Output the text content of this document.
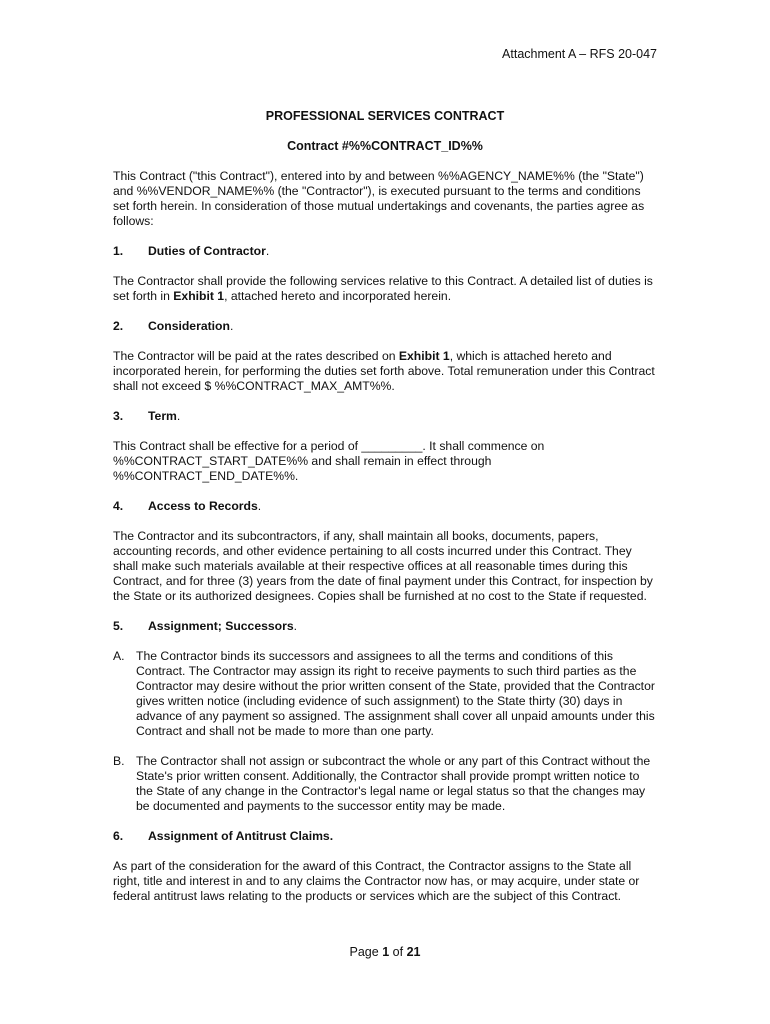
Attachment A – RFS 20-047
PROFESSIONAL SERVICES CONTRACT
Contract #%%CONTRACT_ID%%

This Contract ("this Contract"), entered into by and between %%AGENCY_NAME%% (the "State") and %%VENDOR_NAME%% (the "Contractor"), is executed pursuant to the terms and conditions set forth herein. In consideration of those mutual undertakings and covenants, the parties agree as follows:

1. Duties of Contractor.

The Contractor shall provide the following services relative to this Contract. A detailed list of duties is set forth in Exhibit 1, attached hereto and incorporated herein.

2. Consideration.

The Contractor will be paid at the rates described on Exhibit 1, which is attached hereto and incorporated herein, for performing the duties set forth above. Total remuneration under this Contract shall not exceed $ %%CONTRACT_MAX_AMT%%.

3. Term.

This Contract shall be effective for a period of _________. It shall commence on %%CONTRACT_START_DATE%% and shall remain in effect through %%CONTRACT_END_DATE%%.

4. Access to Records.

The Contractor and its subcontractors, if any, shall maintain all books, documents, papers, accounting records, and other evidence pertaining to all costs incurred under this Contract. They shall make such materials available at their respective offices at all reasonable times during this Contract, and for three (3) years from the date of final payment under this Contract, for inspection by the State or its authorized designees. Copies shall be furnished at no cost to the State if requested.

5. Assignment; Successors.
A. The Contractor binds its successors and assignees to all the terms and conditions of this Contract. The Contractor may assign its right to receive payments to such third parties as the Contractor may desire without the prior written consent of the State, provided that the Contractor gives written notice (including evidence of such assignment) to the State thirty (30) days in advance of any payment so assigned. The assignment shall cover all unpaid amounts under this Contract and shall not be made to more than one party.
B. The Contractor shall not assign or subcontract the whole or any part of this Contract without the State's prior written consent. Additionally, the Contractor shall provide prompt written notice to the State of any change in the Contractor's legal name or legal status so that the changes may be documented and payments to the successor entity may be made.
6. Assignment of Antitrust Claims.

As part of the consideration for the award of this Contract, the Contractor assigns to the State all right, title and interest in and to any claims the Contractor now has, or may acquire, under state or federal antitrust laws relating to the products or services which are the subject of this Contract.

Page 1 of 21
